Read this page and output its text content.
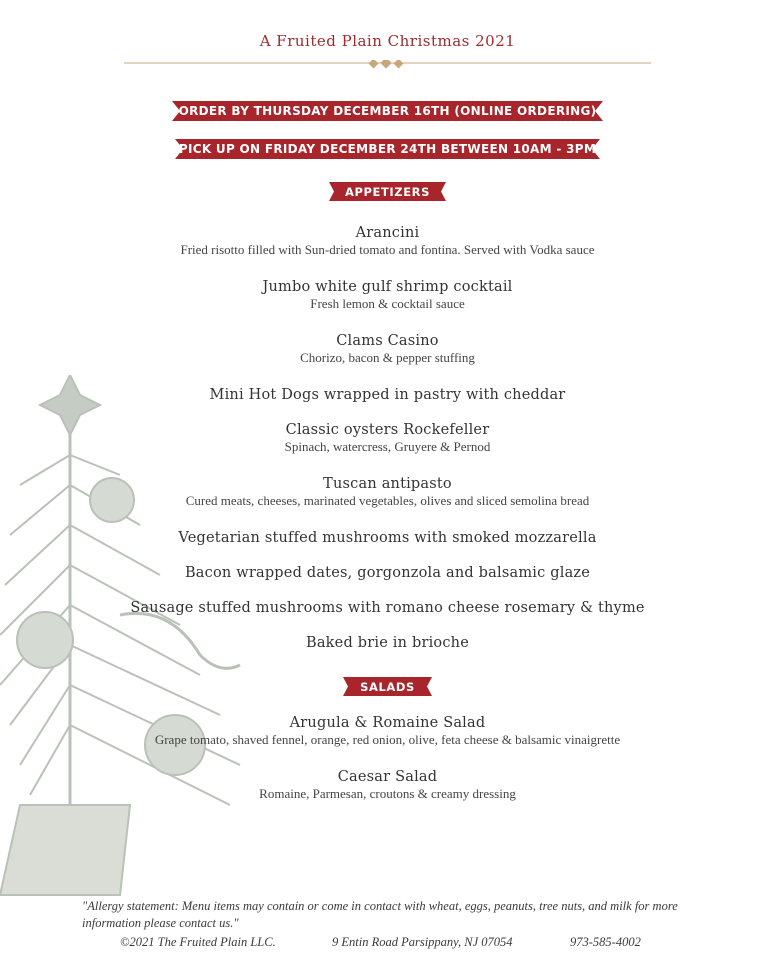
A Fruited Plain Christmas 2021
ORDER BY THURSDAY DECEMBER 16TH (ONLINE ORDERING)
PICK UP ON FRIDAY DECEMBER 24TH BETWEEN 10AM - 3PM
APPETIZERS
Arancini
Fried risotto filled with Sun-dried tomato and fontina. Served with Vodka sauce
Jumbo white gulf shrimp cocktail
Fresh lemon & cocktail sauce
Clams Casino
Chorizo, bacon & pepper stuffing
Mini Hot Dogs wrapped in pastry with cheddar
Classic oysters Rockefeller
Spinach, watercress, Gruyere & Pernod
Tuscan antipasto
Cured meats, cheeses, marinated vegetables, olives and sliced semolina bread
Vegetarian stuffed mushrooms with smoked mozzarella
Bacon wrapped dates, gorgonzola and balsamic glaze
Sausage stuffed mushrooms with romano cheese rosemary & thyme
Baked brie in brioche
SALADS
Arugula & Romaine Salad
Grape tomato, shaved fennel, orange, red onion, olive, feta cheese & balsamic vinaigrette
Caesar Salad
Romaine, Parmesan, croutons & creamy dressing
"Allergy statement: Menu items may contain or come in contact with wheat, eggs, peanuts, tree nuts, and milk for more information please contact us."
©2021 The Fruited Plain LLC.	9 Entin Road Parsippany, NJ 07054	973-585-4002
